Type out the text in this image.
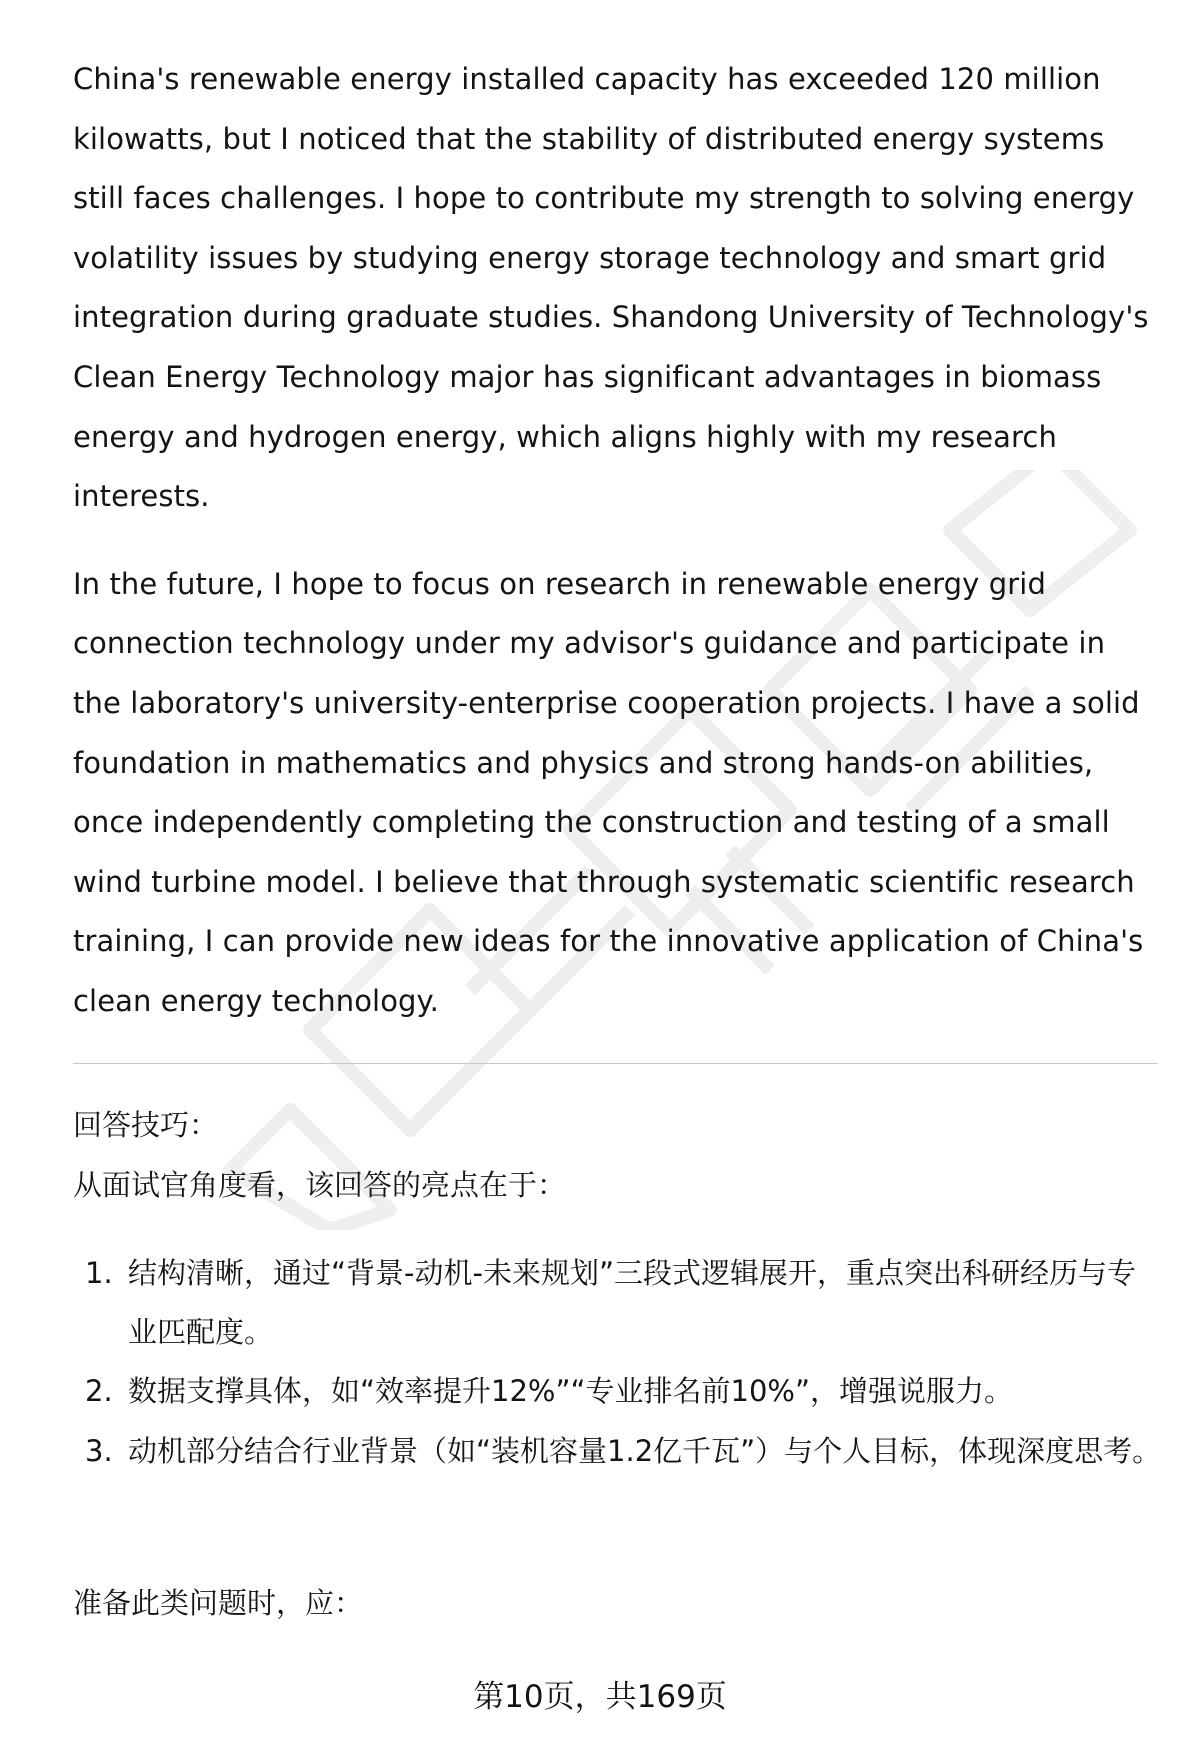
China's renewable energy installed capacity has exceeded 120 million kilowatts, but I noticed that the stability of distributed energy systems still faces challenges. I hope to contribute my strength to solving energy volatility issues by studying energy storage technology and smart grid integration during graduate studies. Shandong University of Technology's Clean Energy Technology major has significant advantages in biomass energy and hydrogen energy, which aligns highly with my research interests.

In the future, I hope to focus on research in renewable energy grid connection technology under my advisor's guidance and participate in the laboratory's university-enterprise cooperation projects. I have a solid foundation in mathematics and physics and strong hands-on abilities, once independently completing the construction and testing of a small wind turbine model. I believe that through systematic scientific research training, I can provide new ideas for the innovative application of China's clean energy technology.

回答技巧：

从面试官角度看，该回答的亮点在于：

1. 结构清晰，通过“背景-动机-未来规划”三段式逻辑展开，重点突出科研经历与专业匹配度。
2. 数据支撑具体，如“效率提升12%”“专业排名前10%”，增强说服力。
3. 动机部分结合行业背景（如“装机容量1.2亿千瓦”）与个人目标，体现深度思考。

准备此类问题时，应：

第10页，共169页
